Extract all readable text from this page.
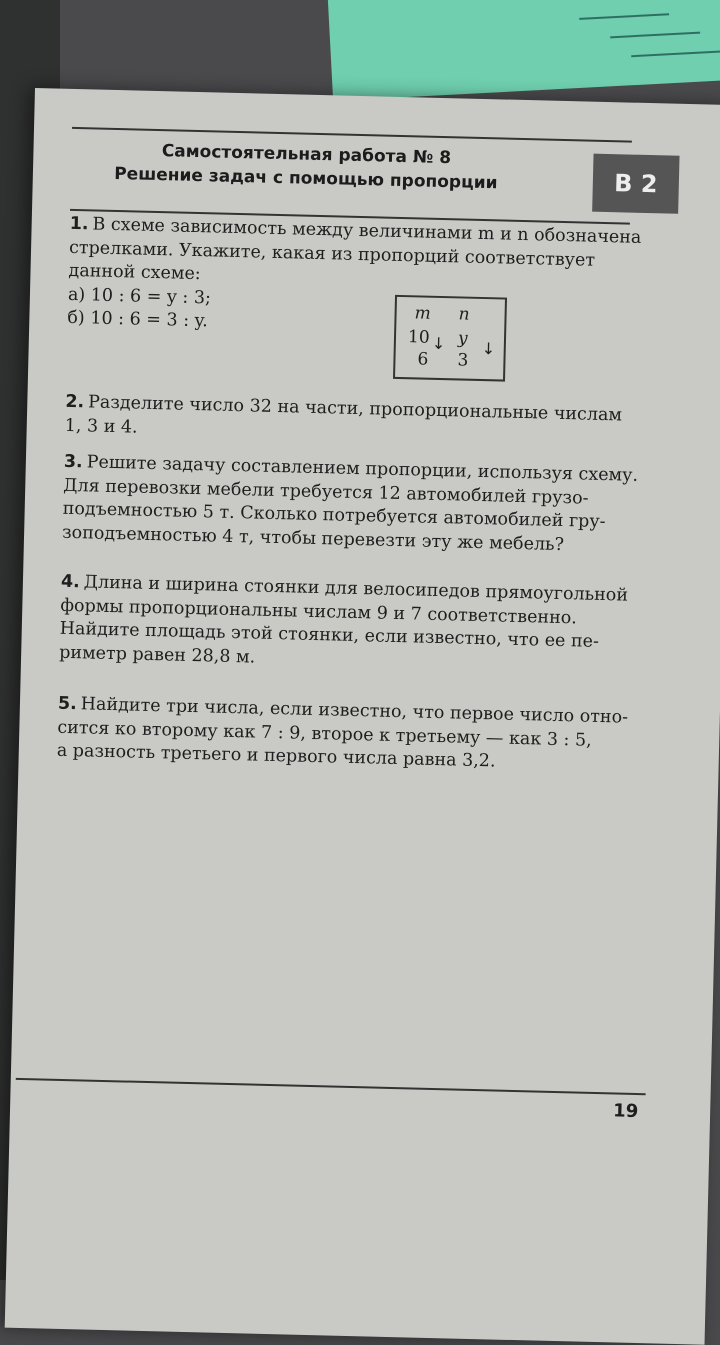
Самостоятельная работа № 8
Решение задач с помощью пропорции	В 2
1. В схеме зависимость между величинами m и n обозначена
стрелками. Укажите, какая из пропорций соответствует
данной схеме:
а) 10 : 6 = y : 3;
б) 10 : 6 = 3 : y.	m n
10
6
↓ y
3
↓
2. Разделите число 32 на части, пропорциональные числам
1, 3 и 4.
3. Решите задачу составлением пропорции, используя схему.
Для перевозки мебели требуется 12 автомобилей грузо-
подъемностью 5 т. Сколько потребуется автомобилей гру-
зоподъемностью 4 т, чтобы перевезти эту же мебель?
4. Длина и ширина стоянки для велосипедов прямоугольной
формы пропорциональны числам 9 и 7 соответственно.
Найдите площадь этой стоянки, если известно, что ее пе-
риметр равен 28,8 м.
5. Найдите три числа, если известно, что первое число отно-
сится ко второму как 7 : 9, второе к третьему — как 3 : 5,
а разность третьего и первого числа равна 3,2.
19
